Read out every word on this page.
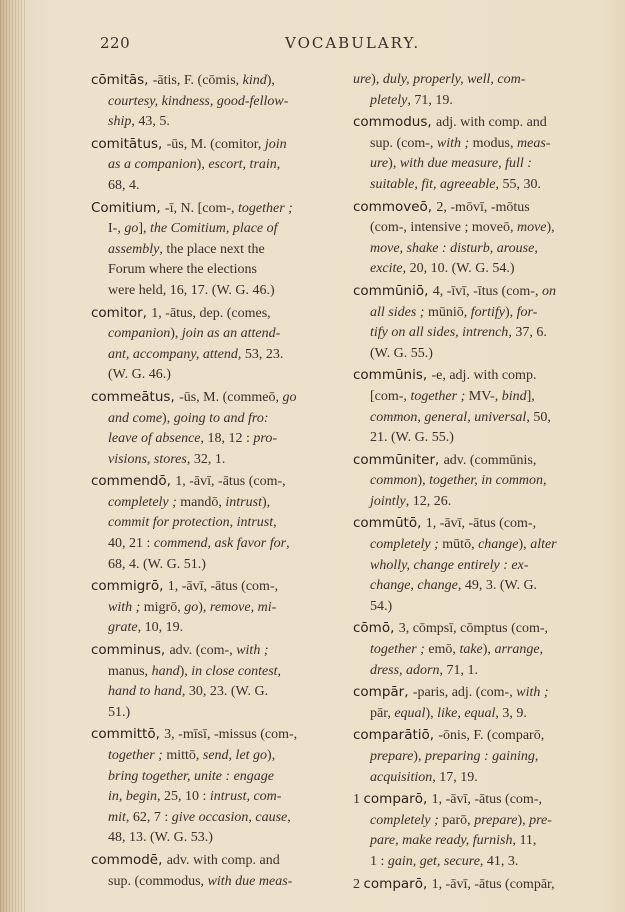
220	VOCABULARY.
cōmitās, -ātis, F. (cōmis, kind),
courtesy, kindness, good-fellow-
ship, 43, 5.
comitātus, -ūs, M. (comitor, join
as a companion), escort, train,
68, 4.
Comitium, -ī, N. [com-, together ;
I-, go], the Comitium, place of
assembly, the place next the
Forum where the elections
were held, 16, 17. (W. G. 46.)
comitor, 1, -ātus, dep. (comes,
companion), join as an attend-
ant, accompany, attend, 53, 23.
(W. G. 46.)
commeātus, -ūs, M. (commeō, go
and come), going to and fro:
leave of absence, 18, 12 : pro-
visions, stores, 32, 1.
commendō, 1, -āvī, -ātus (com-,
completely ; mandō, intrust),
commit for protection, intrust,
40, 21 : commend, ask favor for,
68, 4. (W. G. 51.)
commigrō, 1, -āvī, -ātus (com-,
with ; migrō, go), remove, mi-
grate, 10, 19.
comminus, adv. (com-, with ;
manus, hand), in close contest,
hand to hand, 30, 23. (W. G.
51.)
committō, 3, -mīsī, -missus (com-,
together ; mittō, send, let go),
bring together, unite : engage
in, begin, 25, 10 : intrust, com-
mit, 62, 7 : give occasion, cause,
48, 13. (W. G. 53.)
commodē, adv. with comp. and
sup. (commodus, with due meas-
ure), duly, properly, well, com-
pletely, 71, 19.
commodus, adj. with comp. and
sup. (com-, with ; modus, meas-
ure), with due measure, full :
suitable, fit, agreeable, 55, 30.
commoveō, 2, -mōvī, -mōtus
(com-, intensive ; moveō, move),
move, shake : disturb, arouse,
excite, 20, 10. (W. G. 54.)
commūniō, 4, -īvī, -ītus (com-, on
all sides ; mūniō, fortify), for-
tify on all sides, intrench, 37, 6.
(W. G. 55.)
commūnis, -e, adj. with comp.
[com-, together ; MV-, bind],
common, general, universal, 50,
21. (W. G. 55.)
commūniter, adv. (commūnis,
common), together, in common,
jointly, 12, 26.
commūtō, 1, -āvī, -ātus (com-,
completely ; mūtō, change), alter
wholly, change entirely : ex-
change, change, 49, 3. (W. G.
54.)
cōmō, 3, cōmpsī, cōmptus (com-,
together ; emō, take), arrange,
dress, adorn, 71, 1.
compār, -paris, adj. (com-, with ;
pār, equal), like, equal, 3, 9.
comparātiō, -ōnis, F. (comparō,
prepare), preparing : gaining,
acquisition, 17, 19.
1 comparō, 1, -āvī, -ātus (com-,
completely ; parō, prepare), pre-
pare, make ready, furnish, 11,
1 : gain, get, secure, 41, 3.
2 comparō, 1, -āvī, -ātus (compār,
